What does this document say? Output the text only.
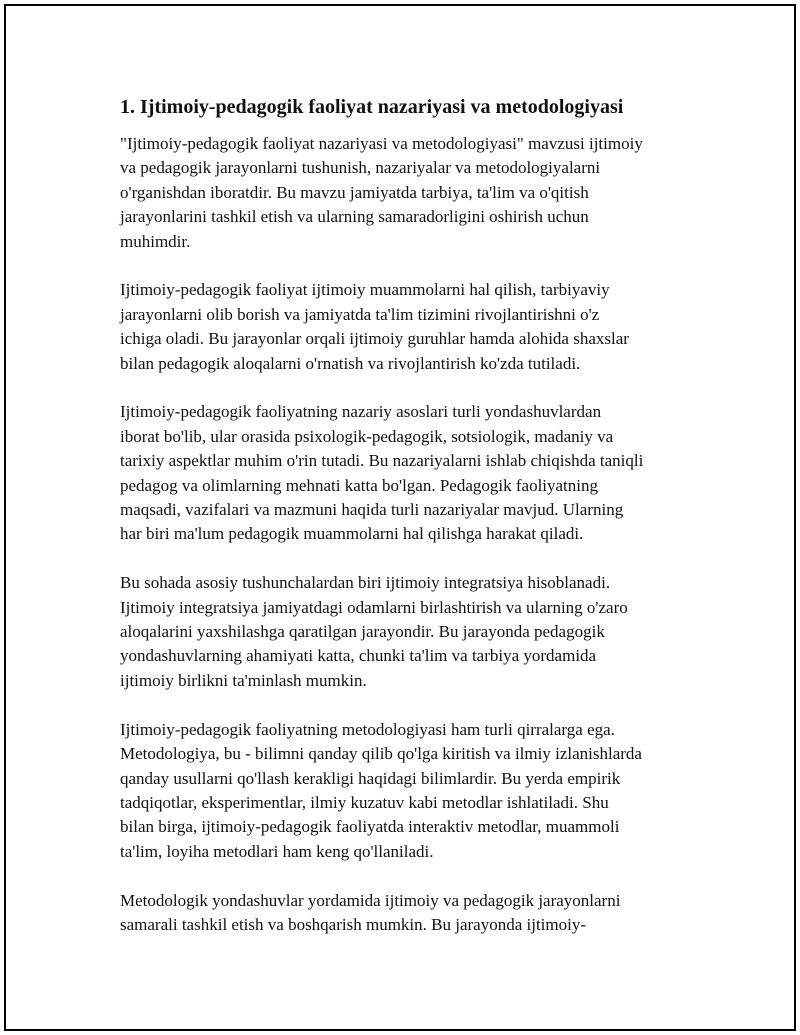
1. Ijtimoiy-pedagogik faoliyat nazariyasi va metodologiyasi

"Ijtimoiy-pedagogik faoliyat nazariyasi va metodologiyasi" mavzusi ijtimoiy
va pedagogik jarayonlarni tushunish, nazariyalar va metodologiyalarni
o'rganishdan iboratdir. Bu mavzu jamiyatda tarbiya, ta'lim va o'qitish
jarayonlarini tashkil etish va ularning samaradorligini oshirish uchun
muhimdir.

Ijtimoiy-pedagogik faoliyat ijtimoiy muammolarni hal qilish, tarbiyaviy
jarayonlarni olib borish va jamiyatda ta'lim tizimini rivojlantirishni o'z
ichiga oladi. Bu jarayonlar orqali ijtimoiy guruhlar hamda alohida shaxslar
bilan pedagogik aloqalarni o'rnatish va rivojlantirish ko'zda tutiladi.

Ijtimoiy-pedagogik faoliyatning nazariy asoslari turli yondashuvlardan
iborat bo'lib, ular orasida psixologik-pedagogik, sotsiologik, madaniy va
tarixiy aspektlar muhim o'rin tutadi. Bu nazariyalarni ishlab chiqishda taniqli
pedagog va olimlarning mehnati katta bo'lgan. Pedagogik faoliyatning
maqsadi, vazifalari va mazmuni haqida turli nazariyalar mavjud. Ularning
har biri ma'lum pedagogik muammolarni hal qilishga harakat qiladi.

Bu sohada asosiy tushunchalardan biri ijtimoiy integratsiya hisoblanadi.
Ijtimoiy integratsiya jamiyatdagi odamlarni birlashtirish va ularning o'zaro
aloqalarini yaxshilashga qaratilgan jarayondir. Bu jarayonda pedagogik
yondashuvlarning ahamiyati katta, chunki ta'lim va tarbiya yordamida
ijtimoiy birlikni ta'minlash mumkin.

Ijtimoiy-pedagogik faoliyatning metodologiyasi ham turli qirralarga ega.
Metodologiya, bu - bilimni qanday qilib qo'lga kiritish va ilmiy izlanishlarda
qanday usullarni qo'llash kerakligi haqidagi bilimlardir. Bu yerda empirik
tadqiqotlar, eksperimentlar, ilmiy kuzatuv kabi metodlar ishlatiladi. Shu
bilan birga, ijtimoiy-pedagogik faoliyatda interaktiv metodlar, muammoli
ta'lim, loyiha metodlari ham keng qo'llaniladi.

Metodologik yondashuvlar yordamida ijtimoiy va pedagogik jarayonlarni
samarali tashkil etish va boshqarish mumkin. Bu jarayonda ijtimoiy-
